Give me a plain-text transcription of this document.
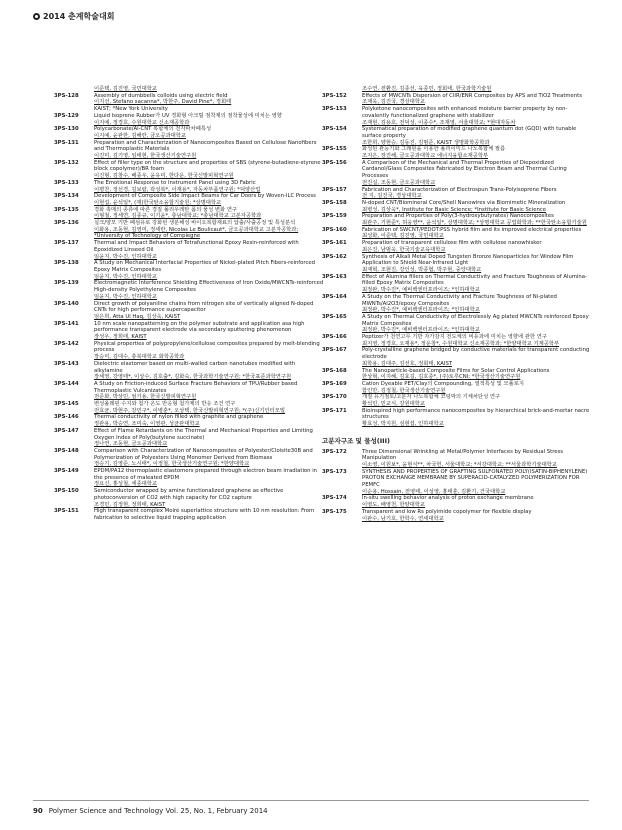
2014 춘계학술대회
이준택, 김진영, 국민대학교
3PS-128	Assembly of dumbbells colloids using electric field
이지선, Stefano sacanna*, 박한주, David Pine*, 정회태
KAIST; *New York University
3PS-129	Liquid Isoprene Rubber가 UV 경화형 아크릴 점착제의 점착물성에 미치는 영향
이지예, 정경호, 수원대학교 신소재공학과
3PS-130	Polycarbonate/Al-CNT 복합체의 전자파차폐특성
이지예, 윤관한, 김해란, 금오공과대학교
3PS-131	Preparation and Characterization of Nanocomposites Based on Cellulose Nanofibers and Thermoplastic Materials
이진미, 김기영, 임태현, 한국생산기술연구원
3PS-132	Effect of filler type on the structure and properties of SBS (styrene-butadiene-styrene block copolymer)/BR foam
이진형, 김창수, 배종우, 윤유미, 한다운, 한국신발피혁연구원
3PS-133	The Emotional Response to Instrument Panel using 3D Fabric
이평찬, 정선경, 김보람, 곽성복*, 이재용*, 자동차부품연구원; *덕양산업
3PS-134	Development of Composite Side Impact Beams for Car Doors by Woven-ILC Process
이현섭, 윤석일*, (재)한국탄소융합기술원; *상명대학교
3PS-135	경화 촉매의 종류에 따른 경질 폴리우레탄 폼의 물성 변화 연구
이형철, 정세연, 김종규, 이기윤*, 충남대학교; *충남대학교 고분자공학과
3PS-136	실크/양모 기반 폐섬유로 강화된 생분해성 바이오복합재료의 압출/사출공정 및 특성분석
이화용, 조동현, 김영미, 정세란, Nicolas Le Boulicaut*, 금오공과대학교 고분자공학과; *University of Technology of Compiegne
3PS-137	Thermal and Impact Behaviors of Tetrafunctional Epoxy Resin-reinforced with Epoxidized Linseed Oil
임윤지, 박수진, 인하대학교
3PS-138	A Study on Mechanical Interfacial Properties of Nickel-plated Pitch Fibers-reinforced Epoxy Matrix Composites
임윤지, 박수진, 인하대학교
3PS-139	Electromagnetic Interference Shielding Effectiveness of Iron Oxide/MWCNTs-reinforced High-density Polyethylene Composites
임윤지, 박수진, 인하대학교
3PS-140	Direct growth of polyaniline chains from nitrogen site of vertically aligned N-doped CNTs for high performance supercapacitor
임은희, Atta Ul Haq, 김상욱, KAIST
3PS-141	10 nm scale nanopatterning on the polymer substrate and application asa high performance transparent electrode via secondary sputtering phenomenon
장성우, 정희태, KAIST
3PS-142	Physical properties of polypropylene/cellulose composites prepared by melt-blending process
장승미, 김대수, 충북대학교 화학공학과
3PS-143	Dielectric elastomer based on multi-walled carbon nanotubes modified with alkylamine
장세영, 강영태*, 이상수, 김호출*, 김화숙, 한국과학기술연구원; *한국표준과학연구원
3PS-144	A Study on Friction-induced Surface Fracture Behaviors of TPU/Rubber based Thermoplastic Vulcanizates
전준화, 박상민, 엄기용, 한국신발피혁연구원
3PS-145	변성올레핀 수지와 첨가 온도 반응형 첨가제의 반응 조건 연구
전효균, 박현주, 강민구*, 이병훈*, 오상택, 한국신발피혁연구원; *(주)신기인터모빌
3PS-146	Thermal conductivity of nylon filled with graphite and graphene
정관용, 박승연, 조미숙, 이영관, 성균관대학교
3PS-147	Effect of Flame Retardants on the Thermal and Mechanical Properties and Limiting Oxygen Index of Poly(butylene succinate)
정나연, 조동현, 금오공과대학교
3PS-148	Comparison with Characterization of Nanocomposites of Polyester/Cloisite30B and Polymerization of Polyesters Using Monomer Derived from Biomass
정승기, 김영준, 노시태*, 이정철, 한국생산기술연구원; *한양대학교
3PS-149	EPDM/PA12 thermoplastic elastomers prepared through electron beam irradiation in the presence of maleated EPDM
정요신, 홍성철, 세종대학교
3PS-150	Semiconductor wrapped by amine functionalized graphene as effective photoconversion of CO2 with high capacity for CO2 capture
조경민, 김정현, 정희태, KAIST
3PS-151	High transparent complex Moiré superlattice structure with 10 nm resolution: From fabrication to selective liquid trapping application
조수연, 전환진, 김종선, 육종민, 정회태, 한국과학기술원
3PS-152	Effects of MWCNTs Dispersion of CIIR/ENR Composites by APS and TiO2 Treatments
조재욱, 김진국, 경상대학교
3PS-153	Polyketone nanocomposites with enhanced moisture barrier property by non-covalently functionalized graphene with stabilizer
조재현, 김용호, 전덕성, 이종수*, 조재영, 서울대학교; *현대자동차
3PS-154	Systematical preparation of modified graphene quantum dot (GQD) with tunable surface property
조한희, 양현승, 김동진, 김범준, KAIST 생명화학공학과
3PS-155	화성된 관능기화 그래핀을 이용한 폴리이미드 나노복합체 필름
조지은, 장진해, 금오공과대학교 에너지융합소재공학부
3PS-156	A Comparison of the Mechanical and Thermal Properties of Diepoxidized Cardanol/Glass Composites Fabricated by Electron Beam and Thermal Curing Processes
전진실, 조동현, 금오공과대학교
3PS-157	Fabrication and Characterization of Electrospun Trans-Polyisoprene Fibers
전 지, 김진국, 경상대학교
3PS-158	N-doped CNT/Biomineral Core/Shell Nanowires via Biomimetic Mineralization
최병성, 김상욱*, Institute for Basic Science; *Institute for Basic Science
3PS-159	Preparation and Properties of Poly(3-hydroxybutyrates) Nanocomposites
최관주, 기현준*, 허웅영**, 윤석일*, 상명대학교; *상명대학교 공업화학과; **한국탄소융합기술원
3PS-160	Fabrication of SWCNT/PEDOT:PSS hybrid film and its improved electrical properties
최성화, 이준택, 김진영, 국민대학교
3PS-161	Preparation of transparent cellulose film with cellulose nanowhisker
최은진, 남범욱, 한국기술교육대학교
3PS-162	Synthesis of Alkali Metal Doped Tungsten Bronze Nanoparticles for Window Film Application to Shield Near-Infrared Light
최재혁, 조현진, 강인성, 박종협, 박주현, 중앙대학교
3PS-163	Effect of Alumina fillers on Thermal Conductivity and Fracture Toughness of Alumina-filled Epoxy Matrix Composites
최정완, 박수진*, 예비백엔터프라이즈; *인하대학교
3PS-164	A Study on the Thermal Conductivity and Fracture Toughness of Ni-plated MWNTs/Al2O3/epoxy Composites
최정완, 박수진*, 예비백엔터프라이즈; *인하대학교
3PS-165	A Study on Thermal Conductivity of Electrolessly Ag plated MWCNTs reinforced Epoxy Matrix Composites
최정완, 박수진*, 예비백엔터프라이즈; *인하대학교
3PS-166	Peptizer가 천연고무 기반 자가감지 전도체의 비유과에 미치는 영향에 관한 연구
최지영, 정경호, 오재용*, 정운창*, 수원대학교 신소재공학과; *한양대학교 기계공학부
3PS-167	Poly-crystalline graphene bridged by conductive materials for transparent conducting electrode
최학용, 김대주, 김선호, 정회태, KAIST
3PS-168	The Nanoparticle-based Composite Films for Solar Control Applications
한상혁, 이지혜, 김효길, 김호종*, (주)토루CNI; *한국생산기술연구원
3PS-169	Cation Dyeable PET/Clay의 Compounding, 열적특성 및 모폴로지
함인만, 김정철, 한국생산기술연구원
3PS-170	개질 유기점토/고분자 나노복합체 코팅막의 기체차단성 연구
황석민, 민교식, 강원대학교
3PS-171	Bioinspired high performance nanocomposites by hierarchical brick-and-mortar nacre structures
황효성, 박지원, 심현섭, 인하대학교
고분자구조 및 물성(III)
3PS-172	Three Dimensional Wrinkling at Metal/Polymer Interfaces by Residual Stress Manipulation
이소영, 이원보*, 윤현식**, 차국헌, 서울대학교; *서강대학교; **서울과학기술대학교
3PS-173	SYNTHESIS AND PROPERTIES OF GRAFTING SULFONATED POLY(ISATIN-BIPHENYLENE) PROTON EXCHANGE MEMBRANE BY SUPERACID-CATALYZED POLYMERIZATION FOR PEMFC
이순용, Hossain, 전영태, 이성영, 홍태훈, 김환기, 건국대학교
3PS-174	In-situ swelling behavior analysis of proton exchange membrane
이영도, 배영천, 한양대학교
3PS-175	Transparent and low Rs polyimide copolymer for flexible display
이완수, 남기호, 한학수, 연세대학교
90 Polymer Science and Technology Vol. 25, No. 1, February 2014
